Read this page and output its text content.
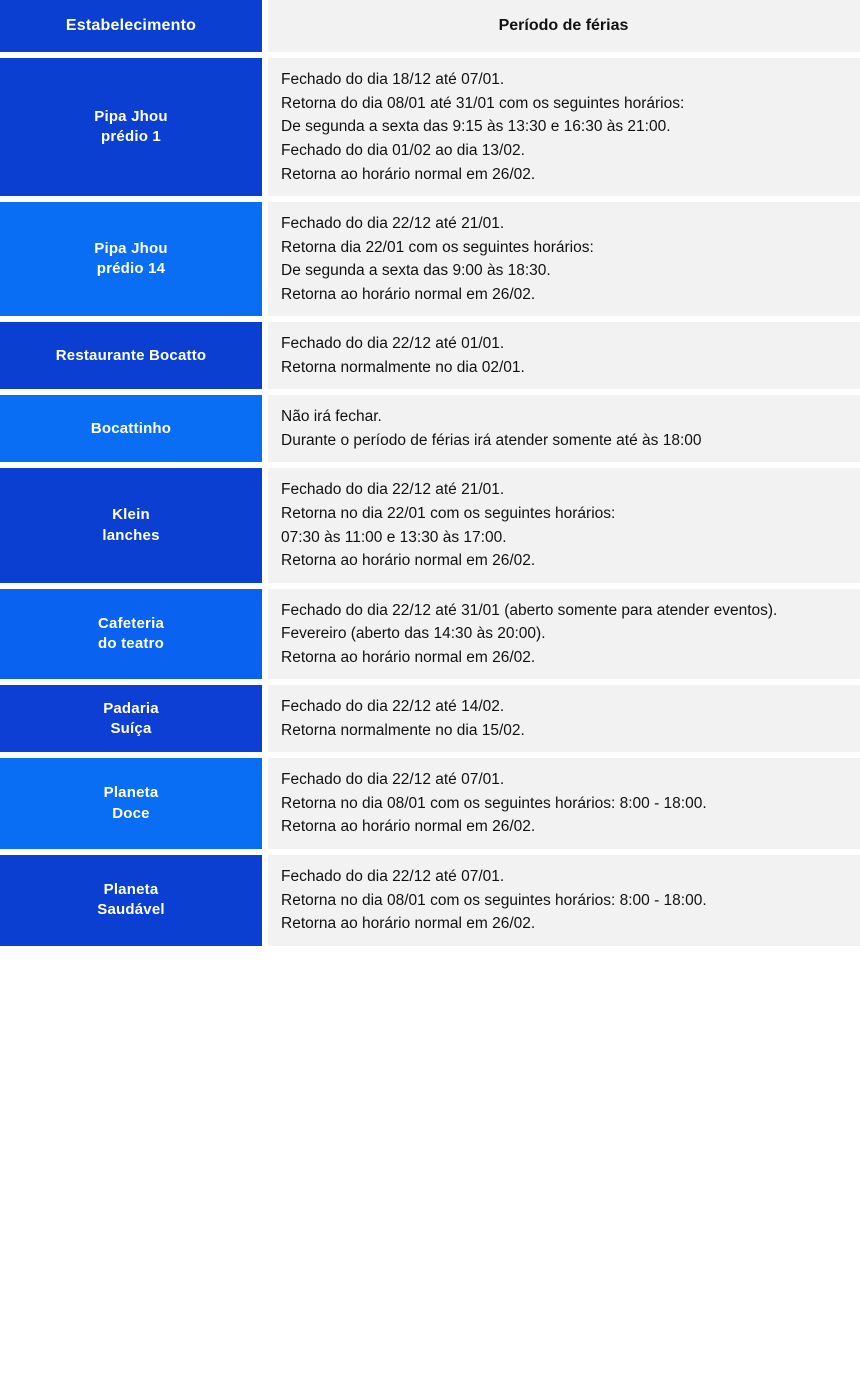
Estabelecimento	Período de férias
Pipa Jhou
prédio 1
Fechado do dia 18/12 até 07/01.
Retorna do dia 08/01 até 31/01 com os seguintes horários:
De segunda a sexta das 9:15 às 13:30 e 16:30 às 21:00.
Fechado do dia 01/02 ao dia 13/02.
Retorna ao horário normal em 26/02.
Pipa Jhou
prédio 14
Fechado do dia 22/12 até 21/01.
Retorna dia 22/01 com os seguintes horários:
De segunda a sexta das 9:00 às 18:30.
Retorna ao horário normal em 26/02.
Restaurante Bocatto
Fechado do dia 22/12 até 01/01.
Retorna normalmente no dia 02/01.
Bocattinho
Não irá fechar.
Durante o período de férias irá atender somente até às 18:00
Klein
lanches
Fechado do dia 22/12 até 21/01.
Retorna no dia 22/01 com os seguintes horários:
07:30 às 11:00 e 13:30 às 17:00.
Retorna ao horário normal em 26/02.
Cafeteria
do teatro
Fechado do dia 22/12 até 31/01 (aberto somente para atender eventos).
Fevereiro (aberto das 14:30 às 20:00).
Retorna ao horário normal em 26/02.
Padaria
Suíça
Fechado do dia 22/12 até 14/02.
Retorna normalmente no dia 15/02.
Planeta
Doce
Fechado do dia 22/12 até 07/01.
Retorna no dia 08/01 com os seguintes horários: 8:00 - 18:00.
Retorna ao horário normal em 26/02.
Planeta
Saudável
Fechado do dia 22/12 até 07/01.
Retorna no dia 08/01 com os seguintes horários: 8:00 - 18:00.
Retorna ao horário normal em 26/02.
